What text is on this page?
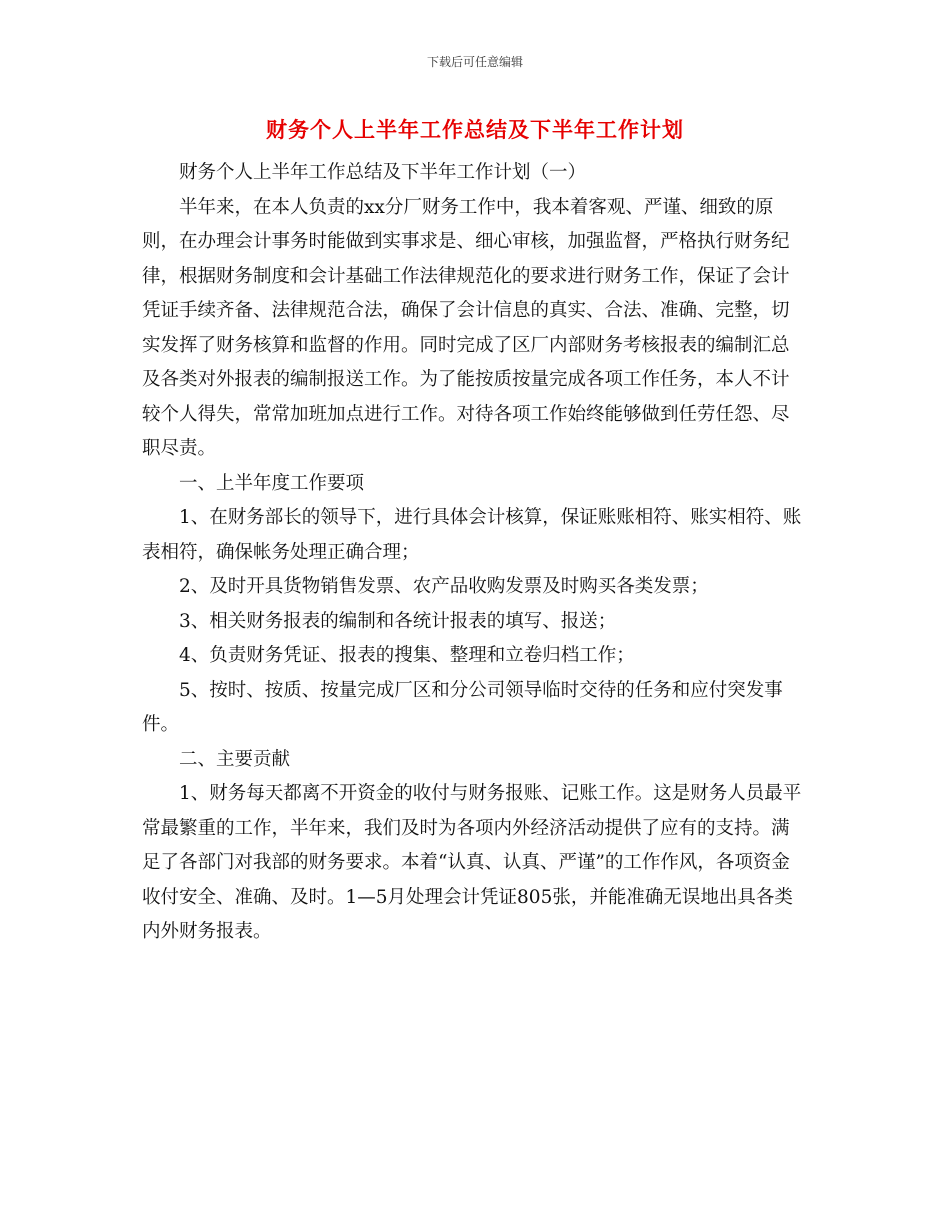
下载后可任意编辑
财务个人上半年工作总结及下半年工作计划

财务个人上半年工作总结及下半年工作计划（一）

半年来，在本人负责的xx分厂财务工作中，我本着客观、严谨、细致的原则，在办理会计事务时能做到实事求是、细心审核，加强监督，严格执行财务纪律，根据财务制度和会计基础工作法律规范化的要求进行财务工作，保证了会计凭证手续齐备、法律规范合法，确保了会计信息的真实、合法、准确、完整，切实发挥了财务核算和监督的作用。同时完成了区厂内部财务考核报表的编制汇总及各类对外报表的编制报送工作。为了能按质按量完成各项工作任务，本人不计较个人得失，常常加班加点进行工作。对待各项工作始终能够做到任劳任怨、尽职尽责。

一、上半年度工作要项

1、在财务部长的领导下，进行具体会计核算，保证账账相符、账实相符、账表相符，确保帐务处理正确合理；

2、及时开具货物销售发票、农产品收购发票及时购买各类发票；

3、相关财务报表的编制和各统计报表的填写、报送；

4、负责财务凭证、报表的搜集、整理和立卷归档工作；

5、按时、按质、按量完成厂区和分公司领导临时交待的任务和应付突发事件。

二、主要贡献

1、财务每天都离不开资金的收付与财务报账、记账工作。这是财务人员最平常最繁重的工作，半年来，我们及时为各项内外经济活动提供了应有的支持。满足了各部门对我部的财务要求。本着“认真、认真、严谨”的工作作风，各项资金收付安全、准确、及时。1—5月处理会计凭证805张，并能准确无误地出具各类内外财务报表。
